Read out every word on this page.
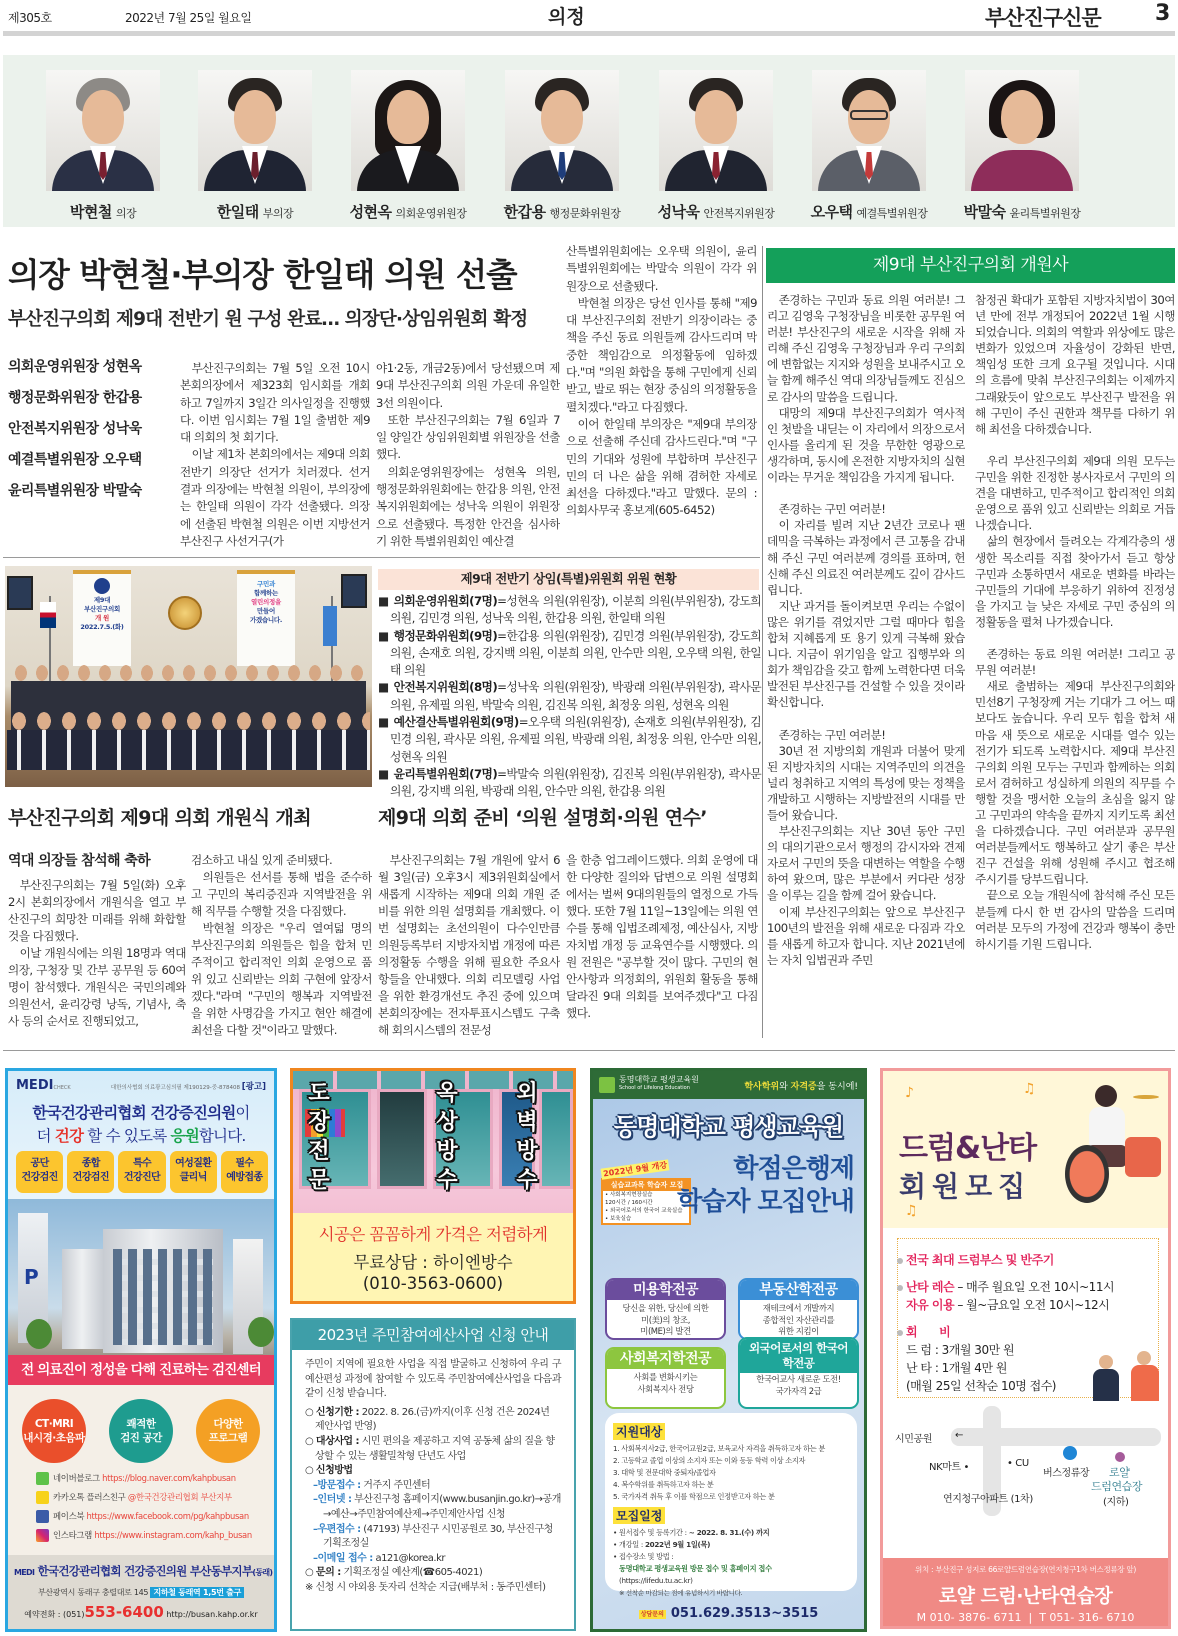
제305호	2022년 7월 25일 월요일	의정	부산진구신문 3
박현철 의장	한일태 부의장	성현옥 의회운영위원장	한갑용 행정문화위원장	성낙욱 안전복지위원장	오우택 예결특별위원장	박말숙 윤리특별위원장
의장 박현철·부의장 한일태 의원 선출
부산진구의회 제9대 전반기 원 구성 완료… 의장단·상임위원회 확정
의회운영위원장 성현옥
행정문화위원장 한갑용
안전복지위원장 성낙욱
예결특별위원장 오우택
윤리특별위원장 박말숙

부산진구의회는 7월 5일 오전 10시 본회의장에서 제323회 임시회를 개회하고 7일까지 3일간 의사일정을 진행했다. 이번 임시회는 7월 1일 출범한 제9대 의회의 첫 회기다.

이날 제1차 본회의에서는 제9대 의회 전반기 의장단 선거가 치러졌다. 선거 결과 의장에는 박현철 의원이, 부의장에는 한일태 의원이 각각 선출됐다. 의장에 선출된 박현철 의원은 이번 지방선거 부산진구 사선거구(가

야1·2동, 개금2동)에서 당선됐으며 제9대 부산진구의회 의원 가운데 유일한 3선 의원이다.

또한 부산진구의회는 7월 6일과 7일 양일간 상임위원회별 위원장을 선출했다.

의회운영위원장에는 성현옥 의원, 행정문화위원회에는 한갑용 의원, 안전복지위원회에는 성낙욱 의원이 위원장으로 선출됐다. 특정한 안건을 심사하기 위한 특별위원회인 예산결

산특별위원회에는 오우택 의원이, 윤리특별위원회에는 박말숙 의원이 각각 위원장으로 선출됐다.

박현철 의장은 당선 인사를 통해 "제9대 부산진구의회 전반기 의장이라는 중책을 주신 동료 의원들께 감사드리며 막중한 책임감으로 의정활동에 임하겠다."며 "의원 화합을 통해 구민에게 신뢰받고, 발로 뛰는 현장 중심의 의정활동을 펼치겠다."라고 다짐했다.

이어 한일태 부의장은 "제9대 부의장으로 선출해 주신데 감사드린다."며 "구민의 기대와 성원에 부합하며 부산진구민의 더 나은 삶을 위해 겸허한 자세로 최선을 다하겠다."라고 말했다. 문의 : 의회사무국 홍보계(605-6452)

제9대 부산진구의회 개원사

존경하는 구민과 동료 의원 여러분! 그리고 김영욱 구청장님을 비롯한 공무원 여러분! 부산진구의 새로운 시작을 위해 자리해 주신 김영욱 구청장님과 우리 구의회에 변함없는 지지와 성원을 보내주시고 오늘 함께 해주신 역대 의장님들께도 진심으로 감사의 말씀을 드립니다.

대망의 제9대 부산진구의회가 역사적인 첫발을 내딛는 이 자리에서 의장으로서 인사를 올리게 된 것을 무한한 영광으로 생각하며, 동시에 온전한 지방자치의 실현이라는 무거운 책임감을 가지게 됩니다.

존경하는 구민 여러분!

이 자리를 빌려 지난 2년간 코로나 팬데믹을 극복하는 과정에서 큰 고통을 감내해 주신 구민 여러분께 경의를 표하며, 헌신해 주신 의료진 여러분께도 깊이 감사드립니다.

지난 과거를 돌이켜보면 우리는 수없이 많은 위기를 겪었지만 그럴 때마다 힘을 합쳐 지혜롭게 또 용기 있게 극복해 왔습니다. 지금이 위기임을 알고 집행부와 의회가 책임감을 갖고 함께 노력한다면 더욱 발전된 부산진구를 건설할 수 있을 것이라 확신합니다.

존경하는 구민 여러분!

30년 전 지방의회 개원과 더불어 맞게 된 지방자치의 시대는 지역주민의 의견을 널리 청취하고 지역의 특성에 맞는 정책을 개발하고 시행하는 지방발전의 시대를 만들어 왔습니다.

부산진구의회는 지난 30년 동안 구민의 대의기관으로서 행정의 감시자와 견제자로서 구민의 뜻을 대변하는 역할을 수행하여 왔으며, 많은 부분에서 커다란 성장을 이루는 길을 함께 걸어 왔습니다.

이제 부산진구의회는 앞으로 부산진구 100년의 발전을 위해 새로운 다짐과 각오를 새롭게 하고자 합니다. 지난 2021년에는 자치 입법권과 주민

참정권 확대가 포함된 지방자치법이 30여년 만에 전부 개정되어 2022년 1월 시행되었습니다. 의회의 역할과 위상에도 많은 변화가 있었으며 자율성이 강화된 반면, 책임성 또한 크게 요구될 것입니다. 시대의 흐름에 맞춰 부산진구의회는 이제까지 그래왔듯이 앞으로도 부산진구 발전을 위해 구민이 주신 권한과 책무를 다하기 위해 최선을 다하겠습니다.

우리 부산진구의회 제9대 의원 모두는 구민을 위한 진정한 봉사자로서 구민의 의견을 대변하고, 민주적이고 합리적인 의회운영으로 품위 있고 신뢰받는 의회로 거듭나겠습니다.

삶의 현장에서 들려오는 각계각층의 생생한 목소리를 직접 찾아가서 듣고 항상 구민과 소통하면서 새로운 변화를 바라는 구민들의 기대에 부응하기 위하여 진정성을 가지고 늘 낮은 자세로 구민 중심의 의정활동을 펼쳐 나가겠습니다.

존경하는 동료 의원 여러분! 그리고 공무원 여러분!

새로 출범하는 제9대 부산진구의회와 민선8기 구청장께 거는 기대가 그 어느 때보다도 높습니다. 우리 모두 힘을 합쳐 새 마음 새 뜻으로 새로운 시대를 열수 있는 전기가 되도록 노력합시다. 제9대 부산진구의회 의원 모두는 구민과 함께하는 의회로서 겸허하고 성실하게 의원의 직무를 수행할 것을 맹서한 오늘의 초심을 잃지 않고 구민과의 약속을 끝까지 지키도록 최선을 다하겠습니다. 구민 여러분과 공무원 여러분들께서도 행복하고 살기 좋은 부산진구 건설을 위해 성원해 주시고 협조해 주시기를 당부드립니다.

끝으로 오늘 개원식에 참석해 주신 모든 분들께 다시 한 번 감사의 말씀을 드리며 여러분 모두의 가정에 건강과 행복이 충만하시기를 기원 드립니다.

제9대
부산진구의회
개 원
2022.7.5.(화)
구민과
함께하는
열린의정을
만들어
가겠습니다.
제9대 전반기 상임(특별)위원회 위원 현황
■ 의회운영위원회(7명)=성현옥 의원(위원장), 이분희 의원(부위원장), 강도희 의원, 김민경 의원, 성낙욱 의원, 한갑용 의원, 한일태 의원
■ 행정문화위원회(9명)=한갑용 의원(위원장), 김민경 의원(부위원장), 강도희 의원, 손재호 의원, 강지백 의원, 이분희 의원, 안수만 의원, 오우택 의원, 한일태 의원
■ 안전복지위원회(8명)=성낙욱 의원(위원장), 박광래 의원(부위원장), 곽사문 의원, 유제필 의원, 박말숙 의원, 김진복 의원, 최정웅 의원, 성현옥 의원
■ 예산결산특별위원회(9명)=오우택 의원(위원장), 손재호 의원(부위원장), 김민경 의원, 곽사문 의원, 유제필 의원, 박광래 의원, 최정웅 의원, 안수만 의원, 성현옥 의원
■ 윤리특별위원회(7명)=박말숙 의원(위원장), 김진복 의원(부위원장), 곽사문 의원, 강지백 의원, 박광래 의원, 안수만 의원, 한갑용 의원
부산진구의회 제9대 의회 개원식 개최
역대 의장들 참석해 축하

부산진구의회는 7월 5일(화) 오후2시 본회의장에서 개원식을 열고 부산진구의 희망찬 미래를 위해 화합할 것을 다짐했다.

이날 개원식에는 의원 18명과 역대 의장, 구청장 및 간부 공무원 등 60여 명이 참석했다. 개원식은 국민의례와 의원선서, 윤리강령 낭독, 기념사, 축사 등의 순서로 진행되었고,

검소하고 내실 있게 준비됐다.

의원들은 선서를 통해 법을 준수하고 구민의 복리증진과 지역발전을 위해 직무를 수행할 것을 다짐했다.

박현철 의장은 "우리 열여덟 명의 부산진구의회 의원들은 힘을 합쳐 민주적이고 합리적인 의회 운영으로 품위 있고 신뢰받는 의회 구현에 앞장서겠다."라며 "구민의 행복과 지역발전을 위한 사명감을 가지고 현안 해결에 최선을 다할 것"이라고 말했다.

제9대 의회 준비 ‘의원 설명회·의원 연수’

부산진구의회는 7월 개원에 앞서 6월 3일(금) 오후3시 제3위원회실에서 새롭게 시작하는 제9대 의회 개원 준비를 위한 의원 설명회를 개최했다. 이번 설명회는 초선의원이 다수인만큼 의원등록부터 지방자치법 개정에 따른 의정활동 수행을 위해 필요한 주요사항들을 안내했다. 의회 리모델링 사업을 위한 환경개선도 추진 중에 있으며 본회의장에는 전자투표시스템도 구축해 회의시스템의 전문성

을 한층 업그레이드했다. 의회 운영에 대한 다양한 질의와 답변으로 의원 설명회에서는 벌써 9대의원들의 열정으로 가득했다. 또한 7월 11일~13일에는 의원 연수를 통해 입법조례제정, 예산심사, 지방자치법 개정 등 교육연수를 시행했다. 의원 전원은 "공부할 것이 많다. 구민의 현안사항과 의정회의, 위원회 활동을 통해 달라진 9대 의회를 보여주겠다"고 다짐했다.

MEDICHECK	대한의사협회 의료광고심의필 제190129-중-878408 [광고]
한국건강관리협회 건강증진의원이
더 건강 할 수 있도록 응원합니다.
공단
건강검진
종합
건강검진
특수
건강진단
여성질환
클리닉
필수
예방접종
P
전 의료진이 정성을 다해 진료하는 검진센터
CT·MRI
내시경·초음파
쾌적한
검진 공간
다양한
프로그램
네이버블로그 https://blog.naver.com/kahpbusan
카카오톡 플러스친구 @한국건강관리협회 부산지부
페이스북 https://www.facebook.com/pg/kahpbusan
인스타그램 https://www.instagram.com/kahp_busan
MEDI 한국건강관리협회 건강증진의원 부산동부지부(동래)
부산광역시 동래구 충렬대로 145 지하철 동래역 1,5번 출구
예약전화 : (051)553-6400 http://busan.kahp.or.kr
도장전문
옥상방수
외벽방수
시공은 꼼꼼하게 가격은 저렴하게
무료상담 : 하이엔방수
(010-3563-0600)
2023년 주민참여예산사업 신청 안내
주민이 지역에 필요한 사업을 직접 발굴하고 신청하여 우리 구 예산편성 과정에 참여할 수 있도록 주민참여예산사업을 다음과 같이 신청 받습니다.
○ 신청기한 : 2022. 8. 26.(금)까지(이후 신청 건은 2024년 제안사업 반영)
○ 대상사업 : 시민 편의을 제공하고 지역 공동체 삶의 질을 향상할 수 있는 생활밀착형 단년도 사업
○ 신청방법
–방문접수 : 거주지 주민센터
–인터넷 : 부산진구청 홈페이지(www.busanjin.go.kr)→공개→예산→주민참여예산제→주민제안사업 신청
–우편접수 : (47193) 부산진구 시민공원로 30, 부산진구청 기획조정실
–이메일 접수 : a121@korea.kr
○ 문의 : 기획조정실 예산계(☎605-4021)
※ 신청 시 야외용 돗자리 선착순 지급(배부처 : 동주민센터)
동명대학교 평생교육원
School of Lifelong Education	학사학위와 자격증을 동시에!
동명대학교 평생교육원
2022년 9월 개강
실습교과목 학습자 모집
• 사회복지현장실습
120시간 / 160시간
• 외국어로서의 한국어 교육실습
• 보육실습
학점은행제
학습자 모집안내
미용학전공
당신을 위한, 당신에 의한
미(美)의 창조,
미(ME)의 발견
부동산학전공
재테크에서 개발까지
종합적인 자산관리를
위한 지킴이
사회복지학전공
사회를 변화시키는
사회복지사 전당
외국어로서의 한국어학전공
한국어교사 새로운 도전!
국가자격 2급
지원대상
1. 사회복지사2급, 한국어교원2급, 보육교사 자격을 취득하고자 하는 분
2. 고등학교 졸업 이상의 소지자 또는 이와 동등 학력 이상 소지자
3. 대학 및 전문대학 중퇴자/졸업자
4. 복수학위를 취득하고자 하는 분
5. 국가자격 취득 후 이를 학점으로 인정받고자 하는 분
모집일정
• 원서접수 및 등록기간 : ~ 2022. 8. 31.(수) 까지
• 개강일 : 2022년 9월 1일(목)
• 접수장소 및 방법 :
동명대학교 평생교육원 방문 접수 및 홈페이지 접수
(https://lifedu.tu.ac.kr)
※ 선착순 마감되는 점에 유념하시기 바랍니다.
상담문의 051.629.3513~3515
♪	♫
♫
드럼&난타
회원모집
전국 최대 드럼부스 및 반주기
난타 레슨 – 매주 월요일 오전 10시~11시
자유 이용 – 월~금요일 오전 10시~12시
회      비
드 럼 : 3개월 30만 원
난 타 : 1개월 4만 원
(매월 25일 선착순 10명 접수)
시민공원 ←
NK마트 •	• CU
버스정류장 로얄
드럼연습장
(지하)
연지청구아파트 (1차)
위치 : 부산진구 성지로 66로얄드럼연습장(연지청구1차 버스정류장 앞)
로얄 드럼·난타연습장
M 010- 3876- 6711  |  T 051- 316- 6710
